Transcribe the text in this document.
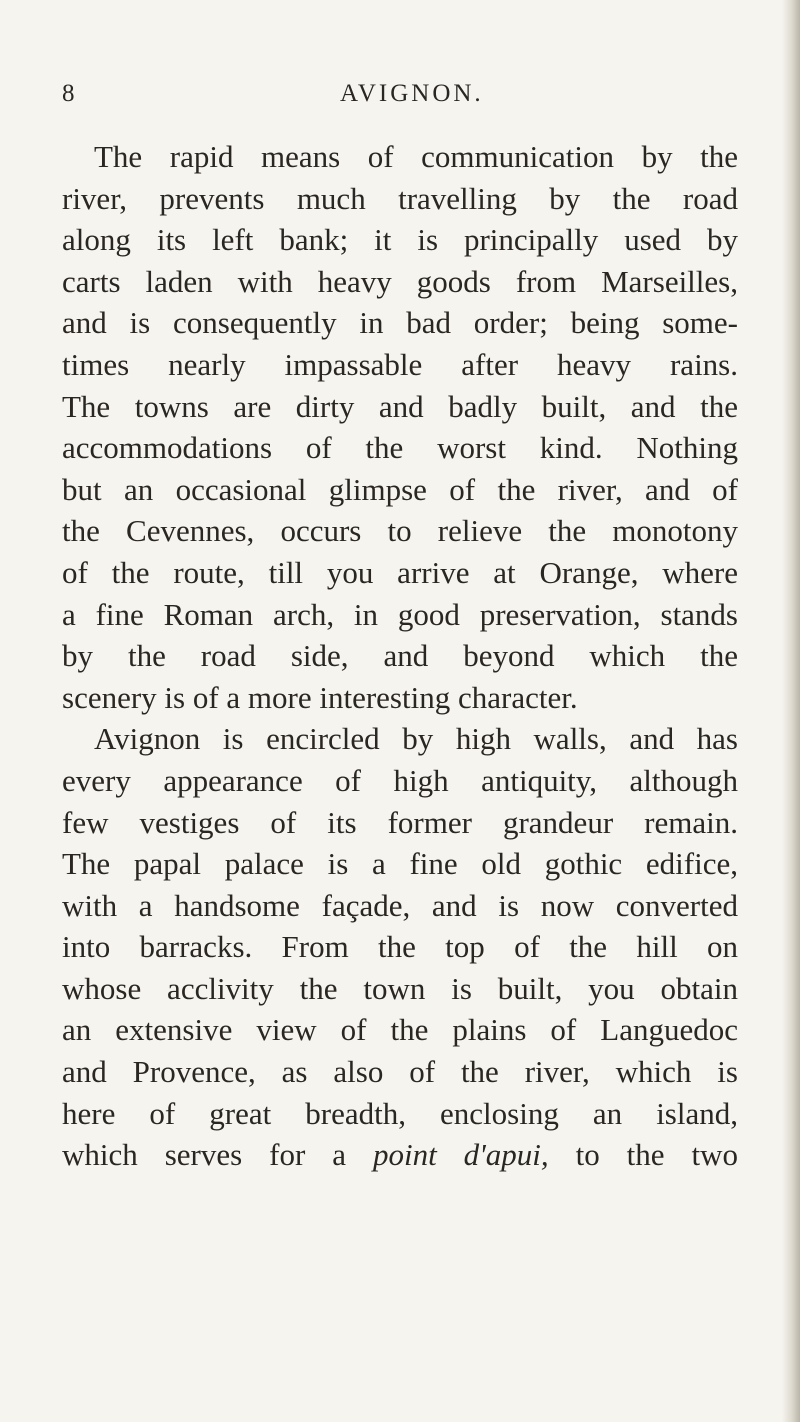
8	AVIGNON.
The rapid means of communication by the
river, prevents much travelling by the road
along its left bank; it is principally used by
carts laden with heavy goods from Marseilles,
and is consequently in bad order; being some-
times nearly impassable after heavy rains.
The towns are dirty and badly built, and the
accommodations of the worst kind. Nothing
but an occasional glimpse of the river, and of
the Cevennes, occurs to relieve the monotony
of the route, till you arrive at Orange, where
a fine Roman arch, in good preservation, stands
by the road side, and beyond which the
scenery is of a more interesting character.
Avignon is encircled by high walls, and has
every appearance of high antiquity, although
few vestiges of its former grandeur remain.
The papal palace is a fine old gothic edifice,
with a handsome façade, and is now converted
into barracks. From the top of the hill on
whose acclivity the town is built, you obtain
an extensive view of the plains of Languedoc
and Provence, as also of the river, which is
here of great breadth, enclosing an island,
which serves for a point d'apui, to the two
